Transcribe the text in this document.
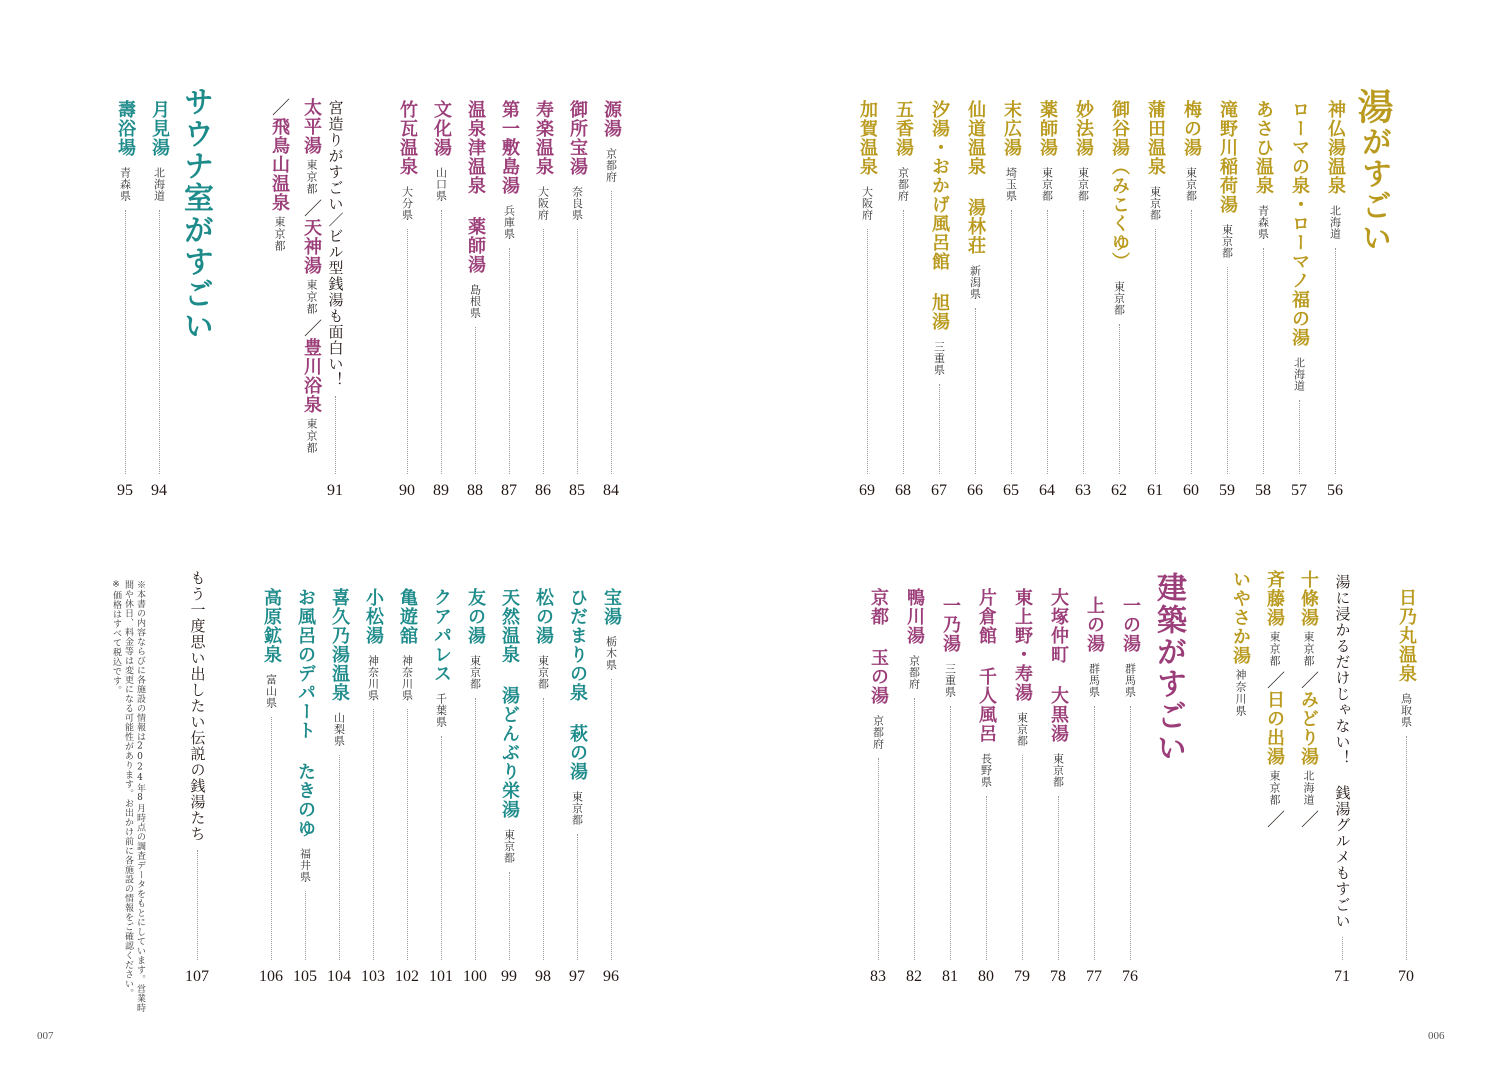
湯がすごい
建築がすごい
サウナ室がすごい
※本書の内容ならびに各施設の情報は2024年8月時点の調査データをもとにしています。営業時
間や休日、料金等は変更になる可能性があります。お出かけ前に各施設の情報をご確認ください。
※価格はすべて税込です。
006
007
湯に浸かるだけじゃない！ 銭湯グルメもすごい
71
十條湯東京都／みどり湯北海道／
斉藤湯東京都／日の出湯東京都／
いやさか湯神奈川県
宮造りがすごい／ビル型銭湯も面白い！
91
太平湯東京都／天神湯東京都／豊川浴泉東京都
／飛鳥山温泉東京都
もう一度思い出したい伝説の銭湯たち
107
神仏湯温泉
北海道
56
ローマの泉・ローマノ福の湯
北海道
57
あさひ温泉
青森県
58
滝野川稲荷湯
東京都
59
梅の湯
東京都
60
蒲田温泉
東京都
61
御谷湯（みこくゆ）
東京都
62
妙法湯
東京都
63
薬師湯
東京都
64
末広湯
埼玉県
65
仙道温泉 湯林荘
新潟県
66
汐湯・おかげ風呂館 旭湯
三重県
67
五香湯
京都府
68
加賀温泉
大阪府
69
日乃丸温泉
鳥取県
70
一の湯
群馬県
76
上の湯
群馬県
77
大塚仲町 大黒湯
東京都
78
東上野・寿湯
東京都
79
片倉館 千人風呂
長野県
80
一乃湯
三重県
81
鴨川湯
京都府
82
京都 玉の湯
京都府
83
源湯
京都府
84
御所宝湯
奈良県
85
寿楽温泉
大阪府
86
第一敷島湯
兵庫県
87
温泉津温泉 薬師湯
島根県
88
文化湯
山口県
89
竹瓦温泉
大分県
90
月見湯
北海道
94
壽浴場
青森県
95
宝湯
栃木県
96
ひだまりの泉 萩の湯
東京都
97
松の湯
東京都
98
天然温泉 湯どんぶり栄湯
東京都
99
友の湯
東京都
100
クアパレス
千葉県
101
亀遊舘
神奈川県
102
小松湯
神奈川県
103
喜久乃湯温泉
山梨県
104
お風呂のデパート たきのゆ
福井県
105
高原鉱泉
富山県
106
